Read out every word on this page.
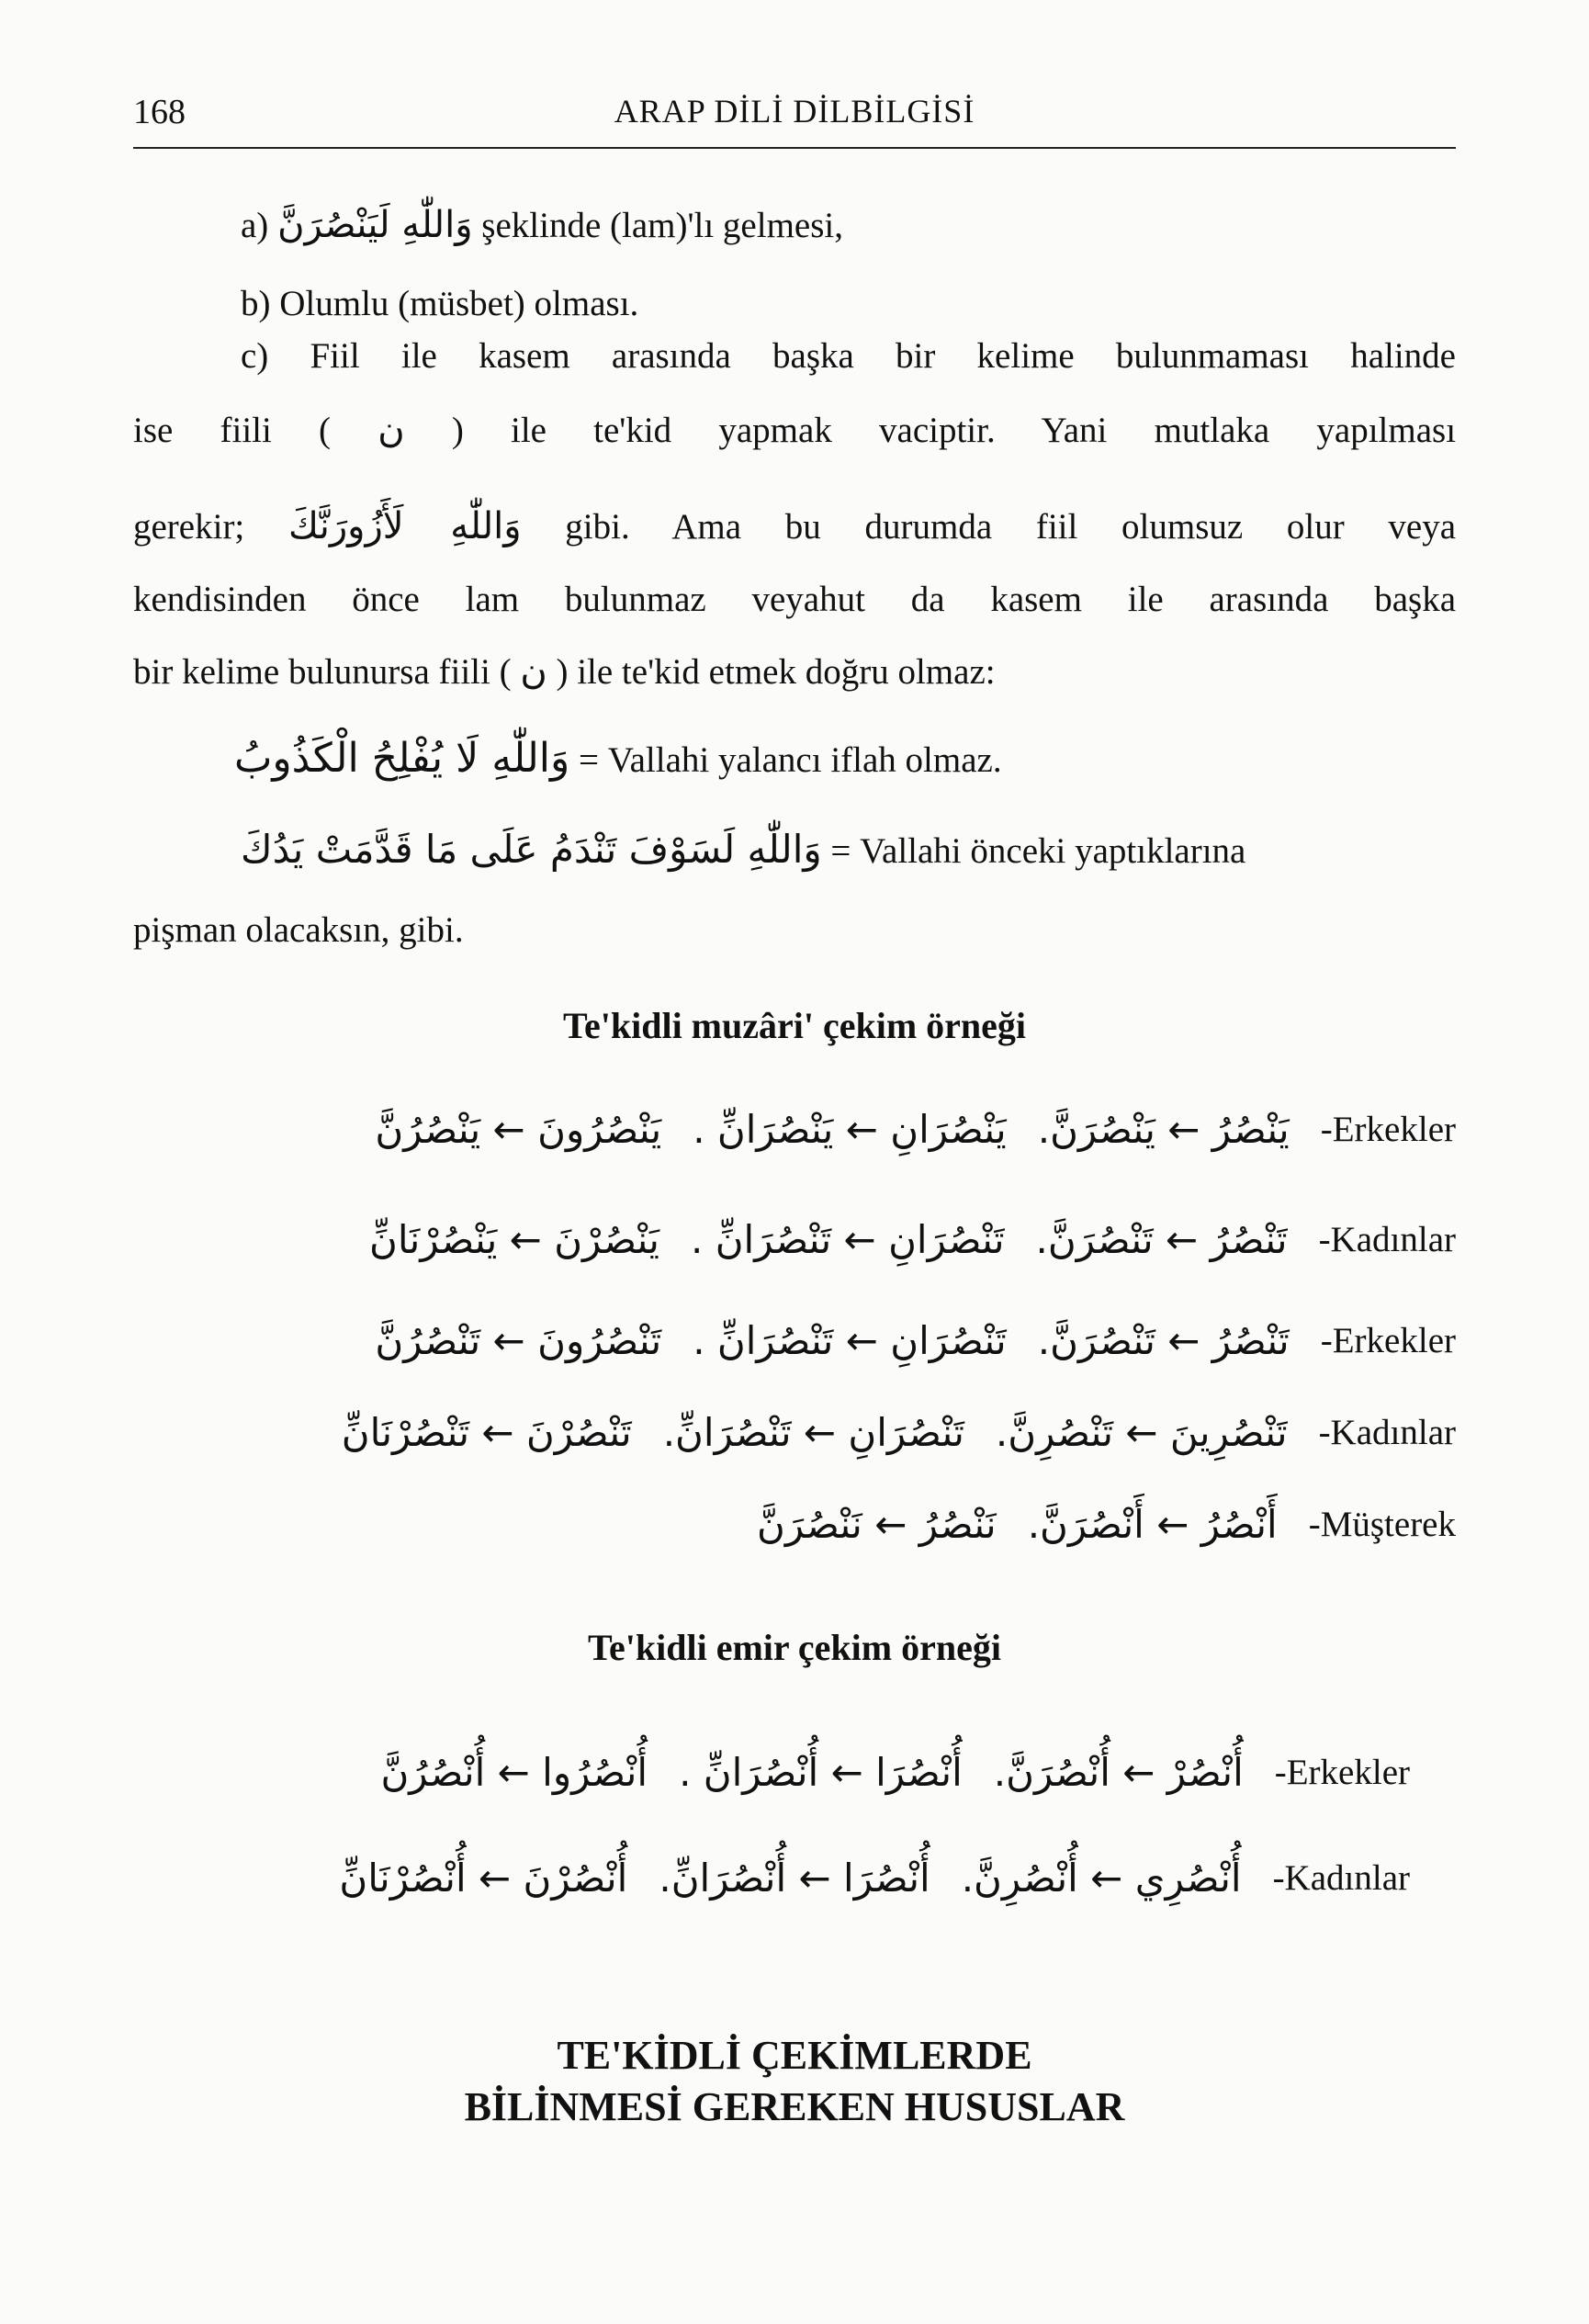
168	ARAP DİLİ DİLBİLGİSİ
a) وَاللّٰهِ لَيَنْصُرَنَّ şeklinde (lam)'lı gelmesi,
b) Olumlu (müsbet) olması.
c) Fiil ile kasem arasında başka bir kelime bulunmaması halinde
ise fiili ( ن ) ile te'kid yapmak vaciptir. Yani mutlaka yapılması
gerekir; وَاللّٰهِ لَأَزُورَنَّكَ gibi. Ama bu durumda fiil olumsuz olur veya
kendisinden önce lam bulunmaz veyahut da kasem ile arasında başka
bir kelime bulunursa fiili ( ن ) ile te'kid etmek doğru olmaz:
وَاللّٰهِ لَا يُفْلِحُ الْكَذُوبُ = Vallahi yalancı iflah olmaz.
وَاللّٰهِ لَسَوْفَ تَنْدَمُ عَلَى مَا قَدَّمَتْ يَدُكَ = Vallahi önceki yaptıklarına
pişman olacaksın, gibi.
Te'kidli muzâri' çekim örneği
-Erkekler
يَنْصُرُ ← يَنْصُرَنَّ.
يَنْصُرَانِ ← يَنْصُرَانِّ .
يَنْصُرُونَ ← يَنْصُرُنَّ
-Kadınlar
تَنْصُرُ ← تَنْصُرَنَّ.
تَنْصُرَانِ ← تَنْصُرَانِّ .
يَنْصُرْنَ ← يَنْصُرْنَانِّ
-Erkekler
تَنْصُرُ ← تَنْصُرَنَّ.
تَنْصُرَانِ ← تَنْصُرَانِّ .
تَنْصُرُونَ ← تَنْصُرُنَّ
-Kadınlar
تَنْصُرِينَ ← تَنْصُرِنَّ.
تَنْصُرَانِ ← تَنْصُرَانِّ.
تَنْصُرْنَ ← تَنْصُرْنَانِّ
-Müşterek
أَنْصُرُ ← أَنْصُرَنَّ.
نَنْصُرُ ← نَنْصُرَنَّ
Te'kidli emir çekim örneği
-Erkekler
أُنْصُرْ ← أُنْصُرَنَّ.
أُنْصُرَا ← أُنْصُرَانِّ .
أُنْصُرُوا ← أُنْصُرُنَّ
-Kadınlar
أُنْصُرِي ← أُنْصُرِنَّ.
أُنْصُرَا ← أُنْصُرَانِّ.
أُنْصُرْنَ ← أُنْصُرْنَانِّ
TE'KİDLİ ÇEKİMLERDE
BİLİNMESİ GEREKEN HUSUSLAR
